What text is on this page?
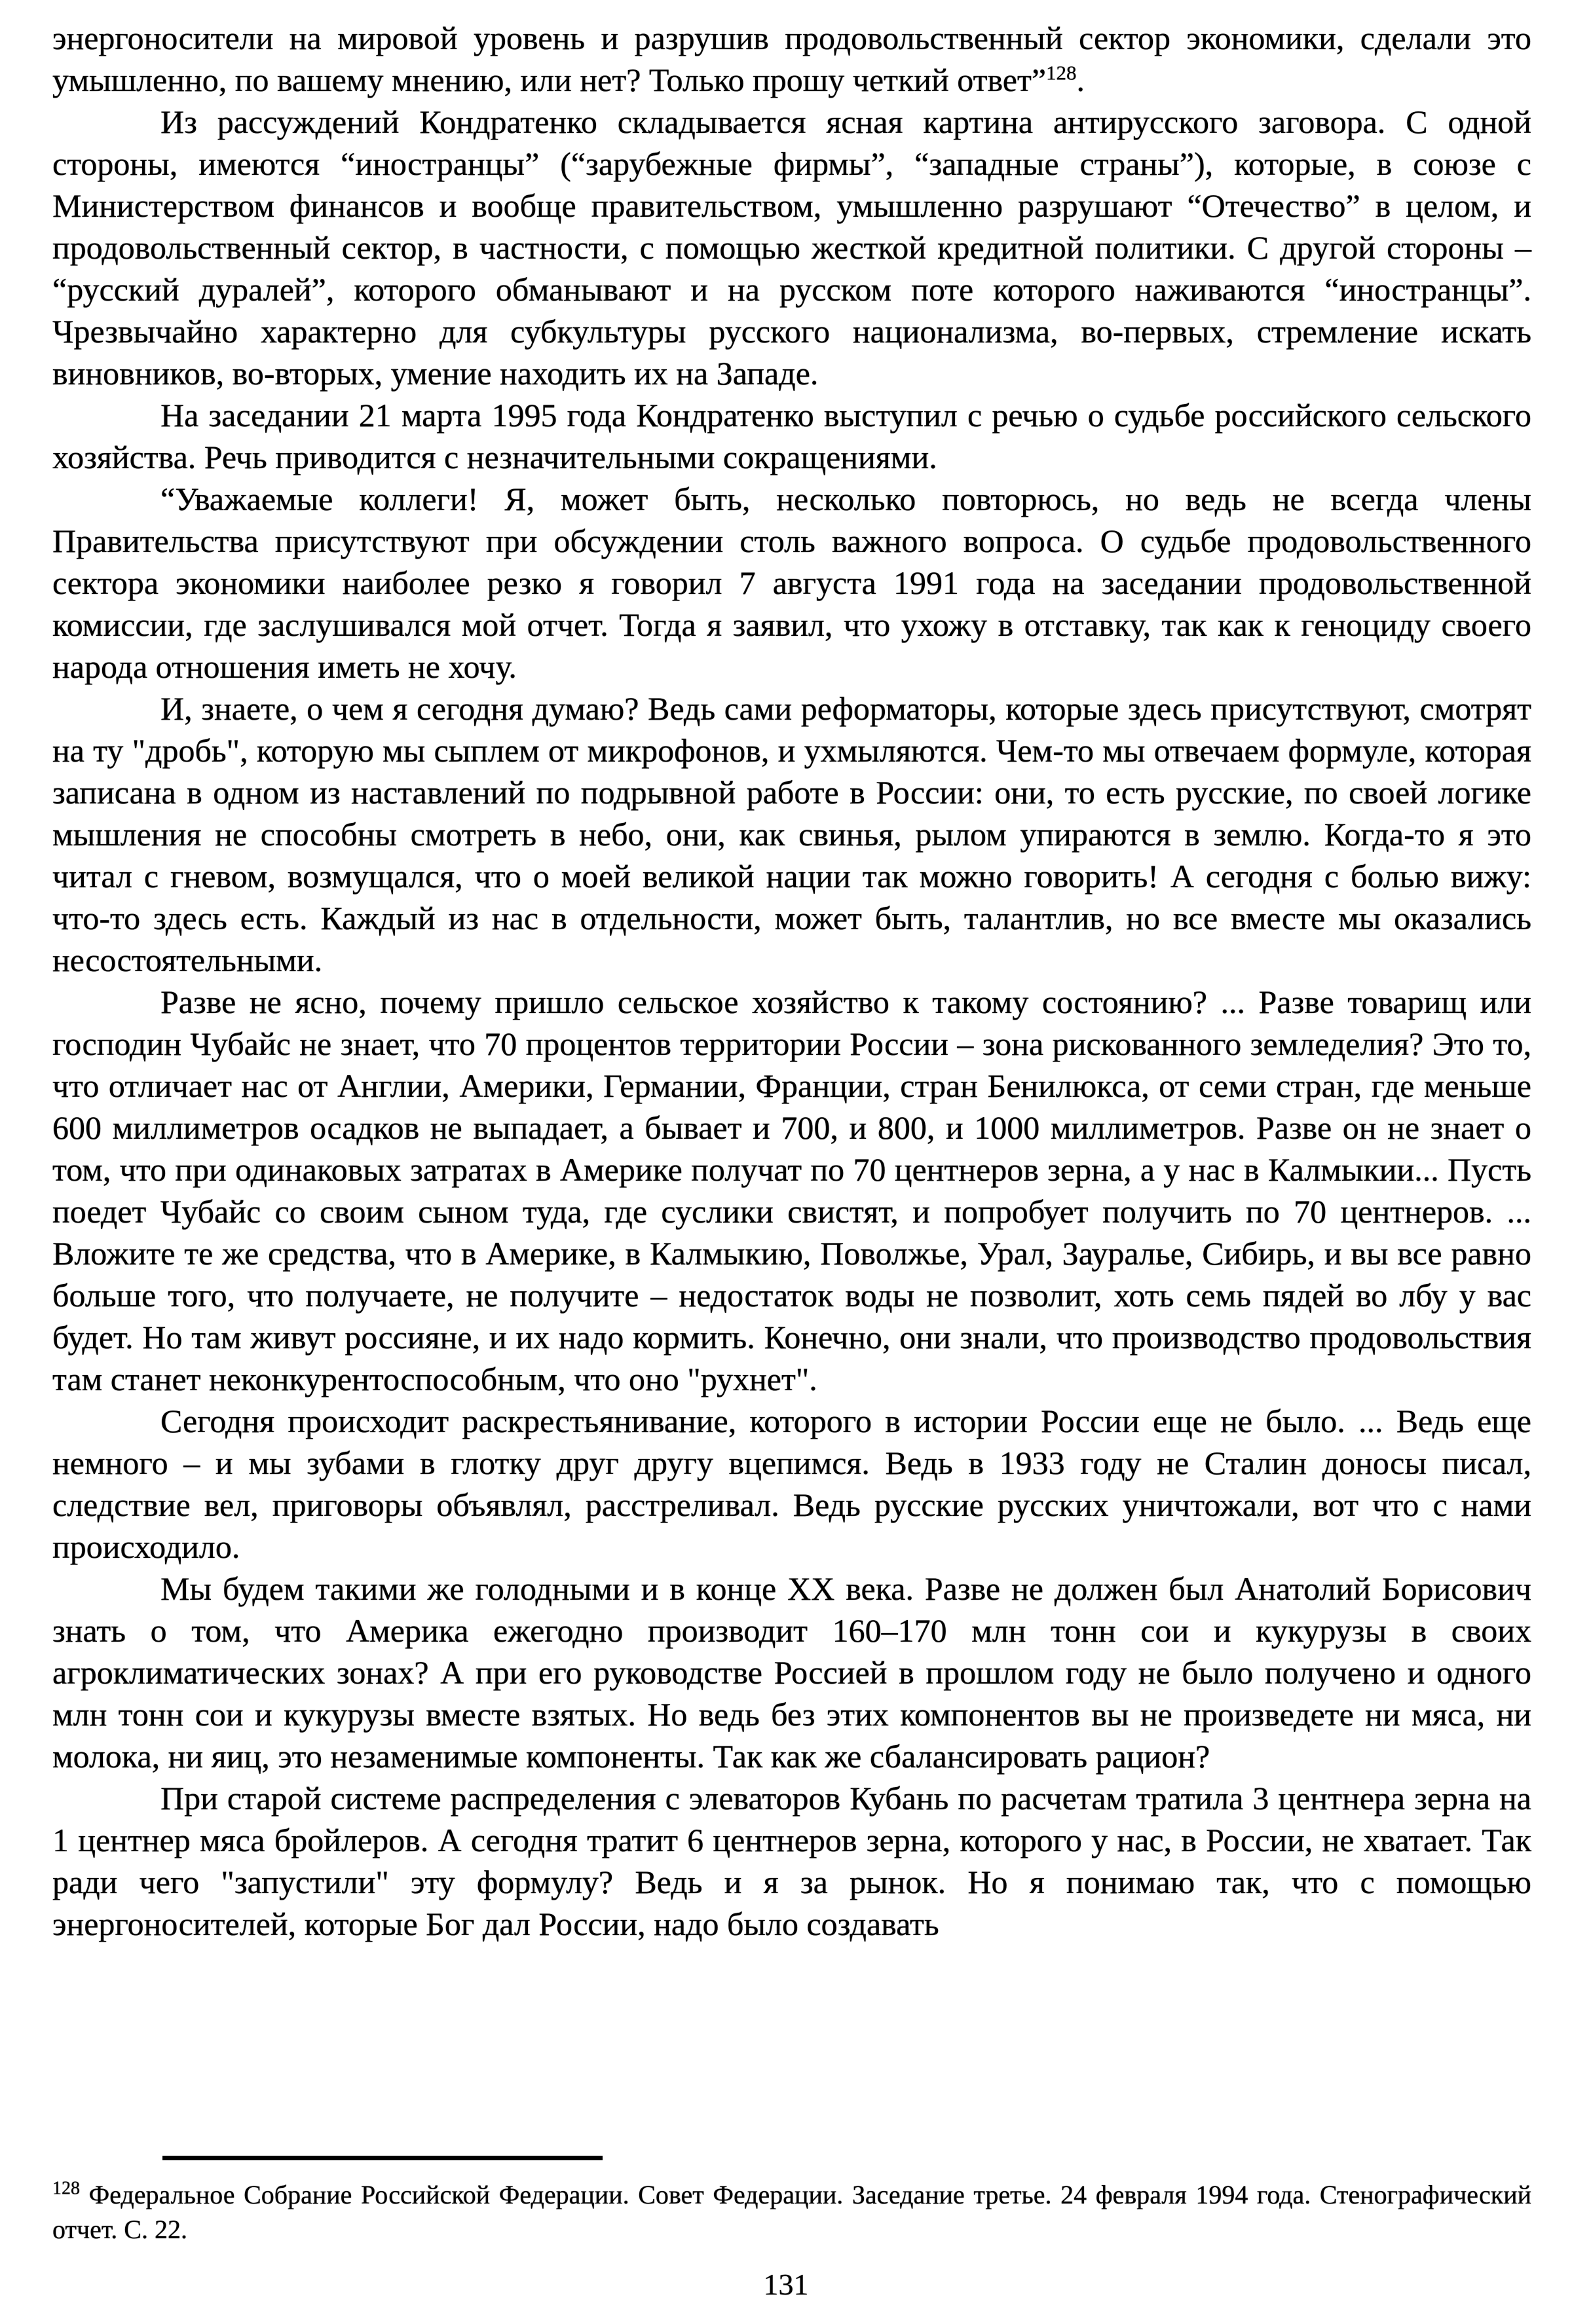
энергоносители на мировой уровень и разрушив продовольственный сектор экономики, сделали это умышленно, по вашему мнению, или нет? Только прошу четкий ответ”$^{128}$.

Из рассуждений Кондратенко складывается ясная картина антирусского заговора. С одной стороны, имеются “иностранцы” (“зарубежные фирмы”, “западные страны”), которые, в союзе с Министерством финансов и вообще правительством, умышленно разрушают “Отечество” в целом, и продовольственный сектор, в частности, с помощью жесткой кредитной политики. С другой стороны – “русский дуралей”, которого обманывают и на русском поте которого наживаются “иностранцы”. Чрезвычайно характерно для субкультуры русского национализма, во-первых, стремление искать виновников, во-вторых, умение находить их на Западе.

На заседании 21 марта 1995 года Кондратенко выступил с речью о судьбе российского сельского хозяйства. Речь приводится с незначительными сокращениями.

“Уважаемые коллеги! Я, может быть, несколько повторюсь, но ведь не всегда члены Правительства присутствуют при обсуждении столь важного вопроса. О судьбе продовольственного сектора экономики наиболее резко я говорил 7 августа 1991 года на заседании продовольственной комиссии, где заслушивался мой отчет. Тогда я заявил, что ухожу в отставку, так как к геноциду своего народа отношения иметь не хочу.

И, знаете, о чем я сегодня думаю? Ведь сами реформаторы, которые здесь присутствуют, смотрят на ту "дробь", которую мы сыплем от микрофонов, и ухмыляются. Чем-то мы отвечаем формуле, которая записана в одном из наставлений по подрывной работе в России: они, то есть русские, по своей логике мышления не способны смотреть в небо, они, как свинья, рылом упираются в землю. Когда-то я это читал с гневом, возмущался, что о моей великой нации так можно говорить! А сегодня с болью вижу: что-то здесь есть. Каждый из нас в отдельности, может быть, талантлив, но все вместе мы оказались несостоятельными.

Разве не ясно, почему пришло сельское хозяйство к такому состоянию? ... Разве товарищ или господин Чубайс не знает, что 70 процентов территории России – зона рискованного земледелия? Это то, что отличает нас от Англии, Америки, Германии, Франции, стран Бенилюкса, от семи стран, где меньше 600 миллиметров осадков не выпадает, а бывает и 700, и 800, и 1000 миллиметров. Разве он не знает о том, что при одинаковых затратах в Америке получат по 70 центнеров зерна, а у нас в Калмыкии... Пусть поедет Чубайс со своим сыном туда, где суслики свистят, и попробует получить по 70 центнеров. ... Вложите те же средства, что в Америке, в Калмыкию, Поволжье, Урал, Зауралье, Сибирь, и вы все равно больше того, что получаете, не получите – недостаток воды не позволит, хоть семь пядей во лбу у вас будет. Но там живут россияне, и их надо кормить. Конечно, они знали, что производство продовольствия там станет неконкурентоспособным, что оно "рухнет".

Сегодня происходит раскрестьянивание, которого в истории России еще не было. ... Ведь еще немного – и мы зубами в глотку друг другу вцепимся. Ведь в 1933 году не Сталин доносы писал, следствие вел, приговоры объявлял, расстреливал. Ведь русские русских уничтожали, вот что с нами происходило.

Мы будем такими же голодными и в конце XX века. Разве не должен был Анатолий Борисович знать о том, что Америка ежегодно производит 160–170 млн тонн сои и кукурузы в своих агроклиматических зонах? А при его руководстве Россией в прошлом году не было получено и одного млн тонн сои и кукурузы вместе взятых. Но ведь без этих компонентов вы не произведете ни мяса, ни молока, ни яиц, это незаменимые компоненты. Так как же сбалансировать рацион?

При старой системе распределения с элеваторов Кубань по расчетам тратила 3 центнера зерна на 1 центнер мяса бройлеров. А сегодня тратит 6 центнеров зерна, которого у нас, в России, не хватает. Так ради чего "запустили" эту формулу? Ведь и я за рынок. Но я понимаю так, что с помощью энергоносителей, которые Бог дал России, надо было создавать

$^{128}$ Федеральное Собрание Российской Федерации. Совет Федерации. Заседание третье. 24 февраля 1994 года. Стенографический отчет. С. 22.

131
